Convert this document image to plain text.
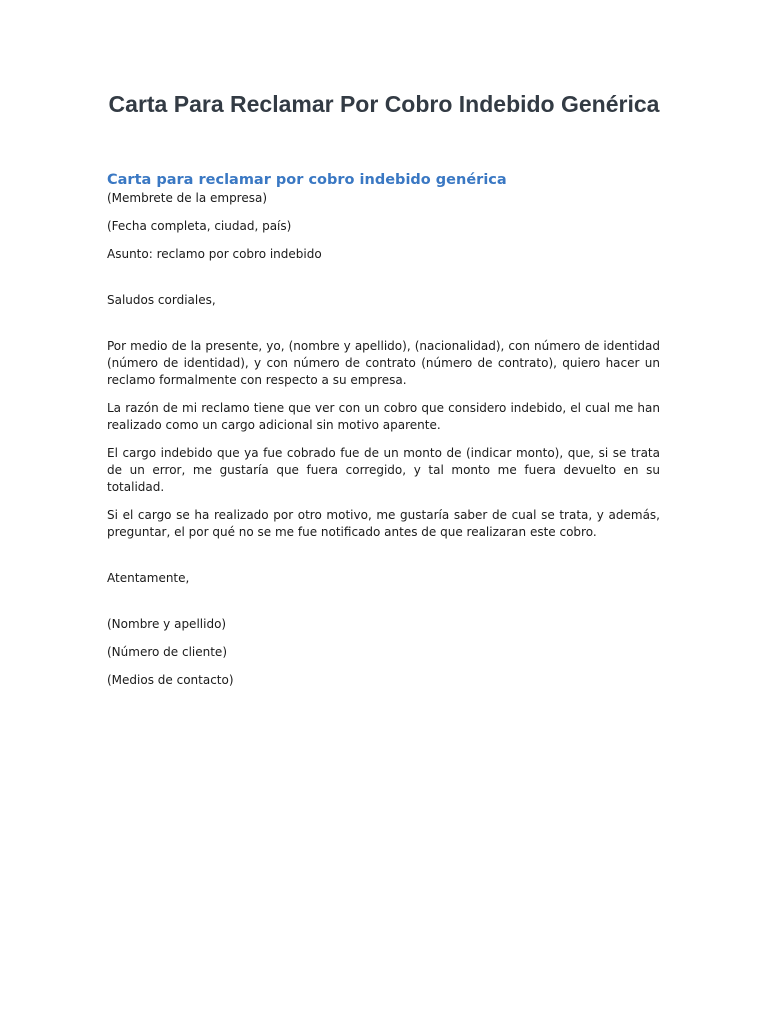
Carta Para Reclamar Por Cobro Indebido Genérica
Carta para reclamar por cobro indebido genérica

(Membrete de la empresa)

(Fecha completa, ciudad, país)

Asunto: reclamo por cobro indebido

Saludos cordiales,

Por medio de la presente, yo, (nombre y apellido), (nacionalidad), con número de identidad (número de identidad), y con número de contrato (número de contrato), quiero hacer un reclamo formalmente con respecto a su empresa.

La razón de mi reclamo tiene que ver con un cobro que considero indebido, el cual me han realizado como un cargo adicional sin motivo aparente.

El cargo indebido que ya fue cobrado fue de un monto de (indicar monto), que, si se trata de un error, me gustaría que fuera corregido, y tal monto me fuera devuelto en su totalidad.

Si el cargo se ha realizado por otro motivo, me gustaría saber de cual se trata, y además, preguntar, el por qué no se me fue notificado antes de que realizaran este cobro.

Atentamente,

(Nombre y apellido)

(Número de cliente)

(Medios de contacto)
